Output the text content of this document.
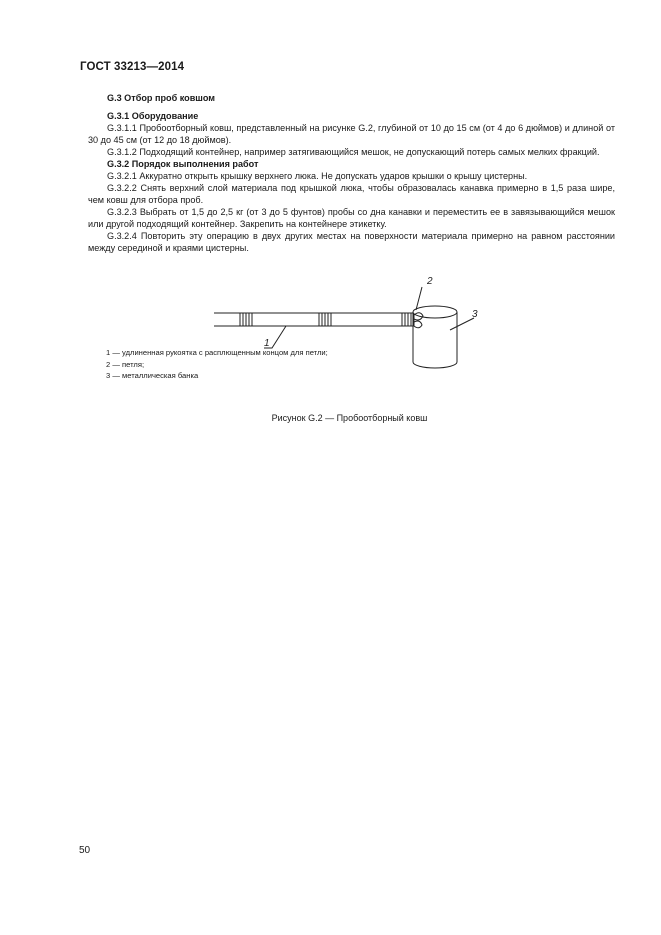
ГОСТ 33213—2014
G.3 Отбор проб ковшом
G.3.1 Оборудование

G.3.1.1 Пробоотборный ковш, представленный на рисунке G.2, глубиной от 10 до 15 см (от 4 до 6 дюймов) и длиной от 30 до 45 см (от 12 до 18 дюймов).

G.3.1.2 Подходящий контейнер, например затягивающийся мешок, не допускающий потерь самых мелких фракций.

G.3.2 Порядок выполнения работ

G.3.2.1 Аккуратно открыть крышку верхнего люка. Не допускать ударов крышки о крышу цистерны.

G.3.2.2 Снять верхний слой материала под крышкой люка, чтобы образовалась канавка примерно в 1,5 раза шире, чем ковш для отбора проб.

G.3.2.3 Выбрать от 1,5 до 2,5 кг (от 3 до 5 фунтов) пробы со дна канавки и переместить ее в завязывающийся мешок или другой подходящий контейнер. Закрепить на контейнере этикетку.

G.3.2.4 Повторить эту операцию в двух других местах на поверхности материала примерно на равном расстоянии между серединой и краями цистерны.

1
2
3
1 — удлиненная рукоятка с расплющенным концом для петли;
2 — петля;
3 — металлическая банка
Рисунок G.2 — Пробоотборный ковш
50
